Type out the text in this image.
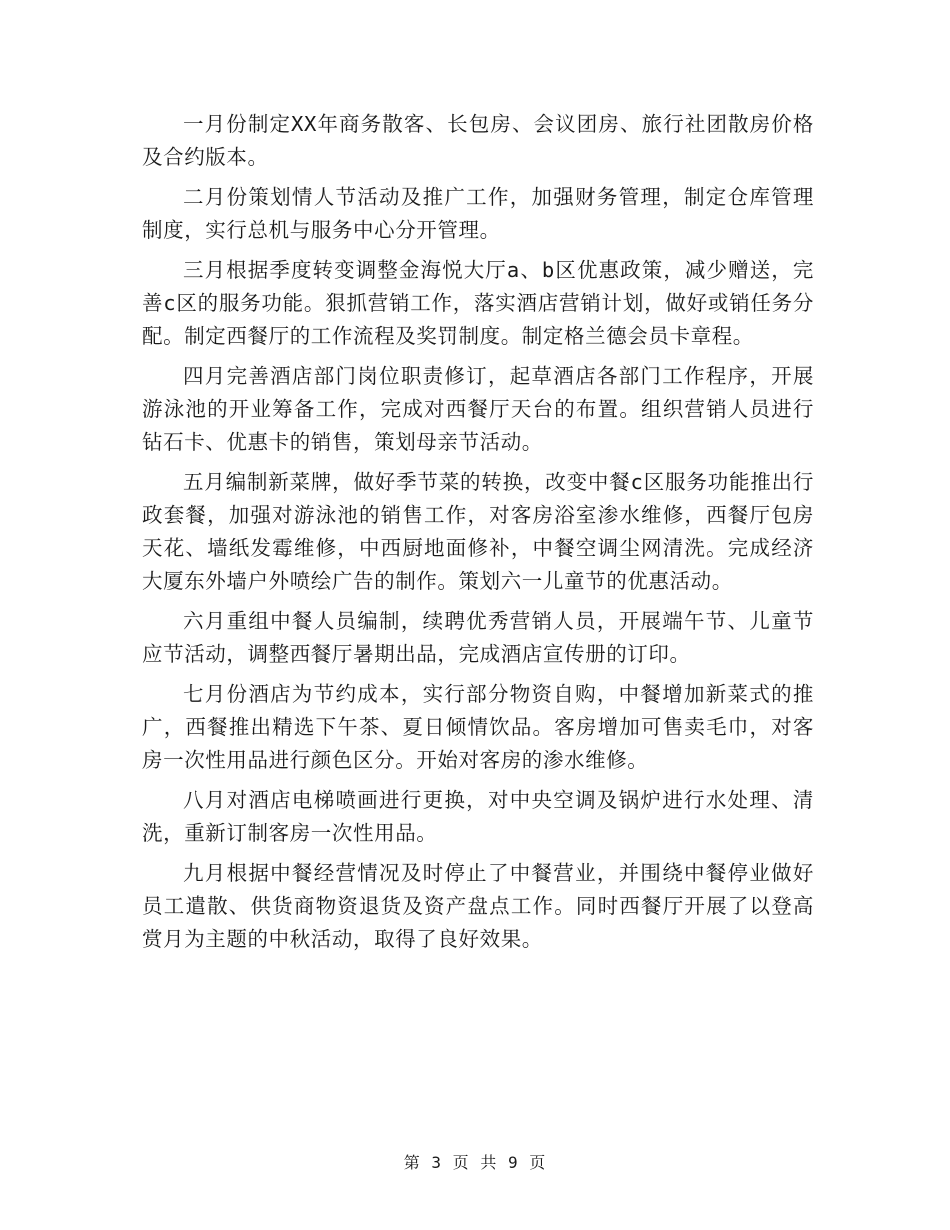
一月份制定XX年商务散客、长包房、会议团房、旅行社团散房价格及合约版本。

二月份策划情人节活动及推广工作，加强财务管理，制定仓库管理制度，实行总机与服务中心分开管理。

三月根据季度转变调整金海悦大厅a、b区优惠政策，减少赠送，完善c区的服务功能。狠抓营销工作，落实酒店营销计划，做好或销任务分配。制定西餐厅的工作流程及奖罚制度。制定格兰德会员卡章程。

四月完善酒店部门岗位职责修订，起草酒店各部门工作程序，开展游泳池的开业筹备工作，完成对西餐厅天台的布置。组织营销人员进行钻石卡、优惠卡的销售，策划母亲节活动。

五月编制新菜牌，做好季节菜的转换，改变中餐c区服务功能推出行政套餐，加强对游泳池的销售工作，对客房浴室渗水维修，西餐厅包房天花、墙纸发霉维修，中西厨地面修补，中餐空调尘网清洗。完成经济大厦东外墙户外喷绘广告的制作。策划六一儿童节的优惠活动。

六月重组中餐人员编制，续聘优秀营销人员，开展端午节、儿童节应节活动，调整西餐厅暑期出品，完成酒店宣传册的订印。

七月份酒店为节约成本，实行部分物资自购，中餐增加新菜式的推广，西餐推出精选下午茶、夏日倾情饮品。客房增加可售卖毛巾，对客房一次性用品进行颜色区分。开始对客房的渗水维修。

八月对酒店电梯喷画进行更换，对中央空调及锅炉进行水处理、清洗，重新订制客房一次性用品。

九月根据中餐经营情况及时停止了中餐营业，并围绕中餐停业做好员工遣散、供货商物资退货及资产盘点工作。同时西餐厅开展了以登高赏月为主题的中秋活动，取得了良好效果。

第 3 页 共 9 页
